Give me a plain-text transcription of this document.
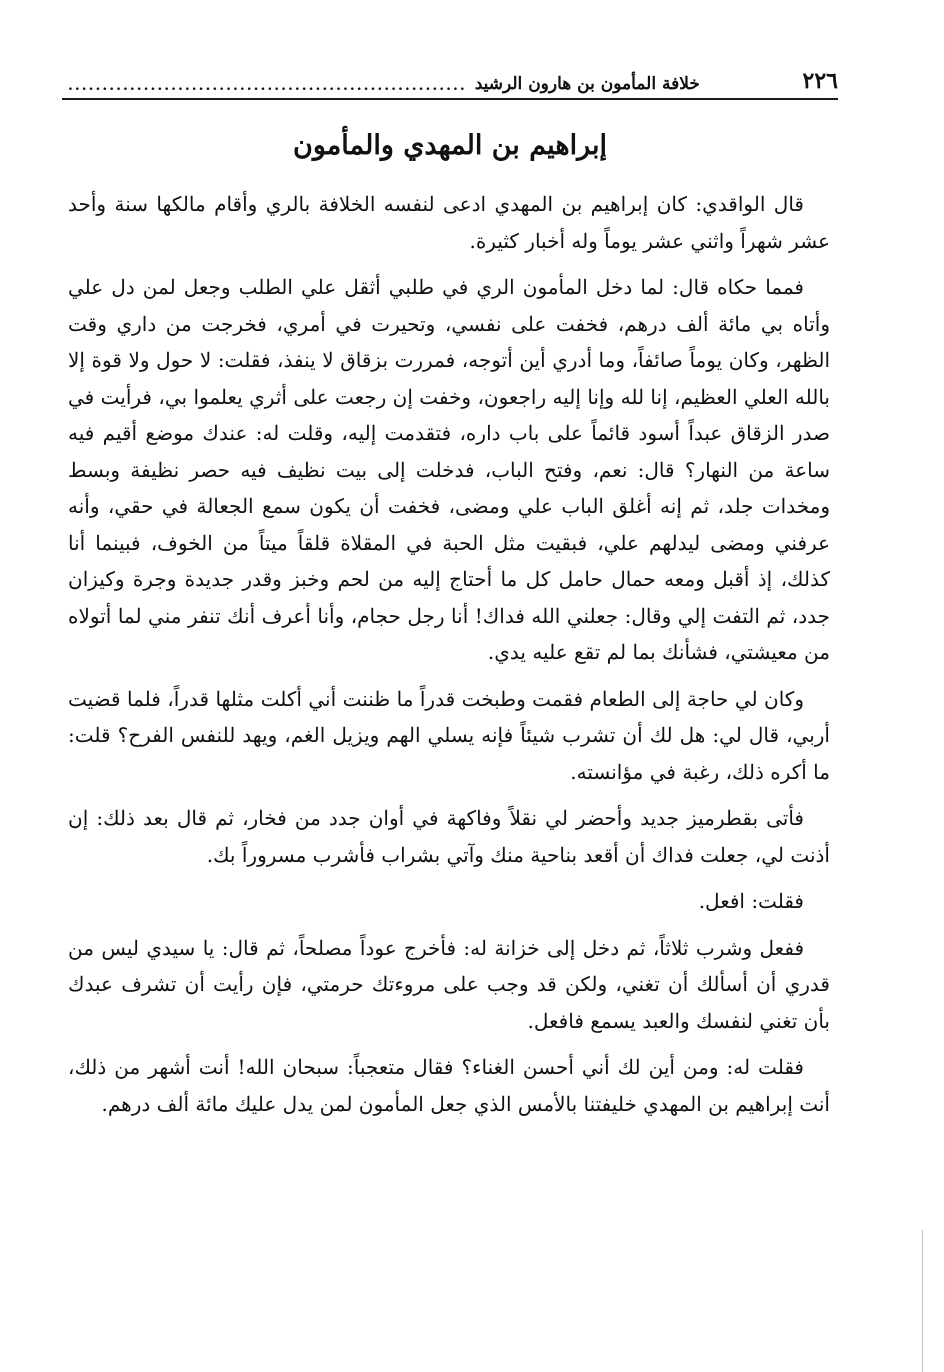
٢٢٦
خلافة المأمون بن هارون الرشيد
..........................................................
إبراهيم بن المهدي والمأمون

قال الواقدي: كان إبراهيم بن المهدي ادعى لنفسه الخلافة بالري وأقام مالكها سنة وأحد عشر شهراً واثني عشر يوماً وله أخبار كثيرة.

فمما حكاه قال: لما دخل المأمون الري في طلبي أثقل علي الطلب وجعل لمن دل علي وأتاه بي مائة ألف درهم، فخفت على نفسي، وتحيرت في أمري، فخرجت من داري وقت الظهر، وكان يوماً صائفاً، وما أدري أين أتوجه، فمررت بزقاق لا ينفذ، فقلت: لا حول ولا قوة إلا بالله العلي العظيم، إنا لله وإنا إليه راجعون، وخفت إن رجعت على أثري يعلموا بي، فرأيت في صدر الزقاق عبداً أسود قائماً على باب داره، فتقدمت إليه، وقلت له: عندك موضع أقيم فيه ساعة من النهار؟ قال: نعم، وفتح الباب، فدخلت إلى بيت نظيف فيه حصر نظيفة وبسط ومخدات جلد، ثم إنه أغلق الباب علي ومضى، فخفت أن يكون سمع الجعالة في حقي، وأنه عرفني ومضى ليدلهم علي، فبقيت مثل الحبة في المقلاة قلقاً ميتاً من الخوف، فبينما أنا كذلك، إذ أقبل ومعه حمال حامل كل ما أحتاج إليه من لحم وخبز وقدر جديدة وجرة وكيزان جدد، ثم التفت إلي وقال: جعلني الله فداك! أنا رجل حجام، وأنا أعرف أنك تنفر مني لما أتولاه من معيشتي، فشأنك بما لم تقع عليه يدي.

وكان لي حاجة إلى الطعام فقمت وطبخت قدراً ما ظننت أني أكلت مثلها قدراً، فلما قضيت أربي، قال لي: هل لك أن تشرب شيئاً فإنه يسلي الهم ويزيل الغم، ويهد للنفس الفرح؟ قلت: ما أكره ذلك، رغبة في مؤانسته.

فأتى بقطرميز جديد وأحضر لي نقلاً وفاكهة في أوان جدد من فخار، ثم قال بعد ذلك: إن أذنت لي، جعلت فداك أن أقعد بناحية منك وآتي بشراب فأشرب مسروراً بك.

فقلت: افعل.

ففعل وشرب ثلاثاً، ثم دخل إلى خزانة له: فأخرج عوداً مصلحاً، ثم قال: يا سيدي ليس من قدري أن أسألك أن تغني، ولكن قد وجب على مروءتك حرمتي، فإن رأيت أن تشرف عبدك بأن تغني لنفسك والعبد يسمع فافعل.

فقلت له: ومن أين لك أني أحسن الغناء؟ فقال متعجباً: سبحان الله! أنت أشهر من ذلك، أنت إبراهيم بن المهدي خليفتنا بالأمس الذي جعل المأمون لمن يدل عليك مائة ألف درهم.
